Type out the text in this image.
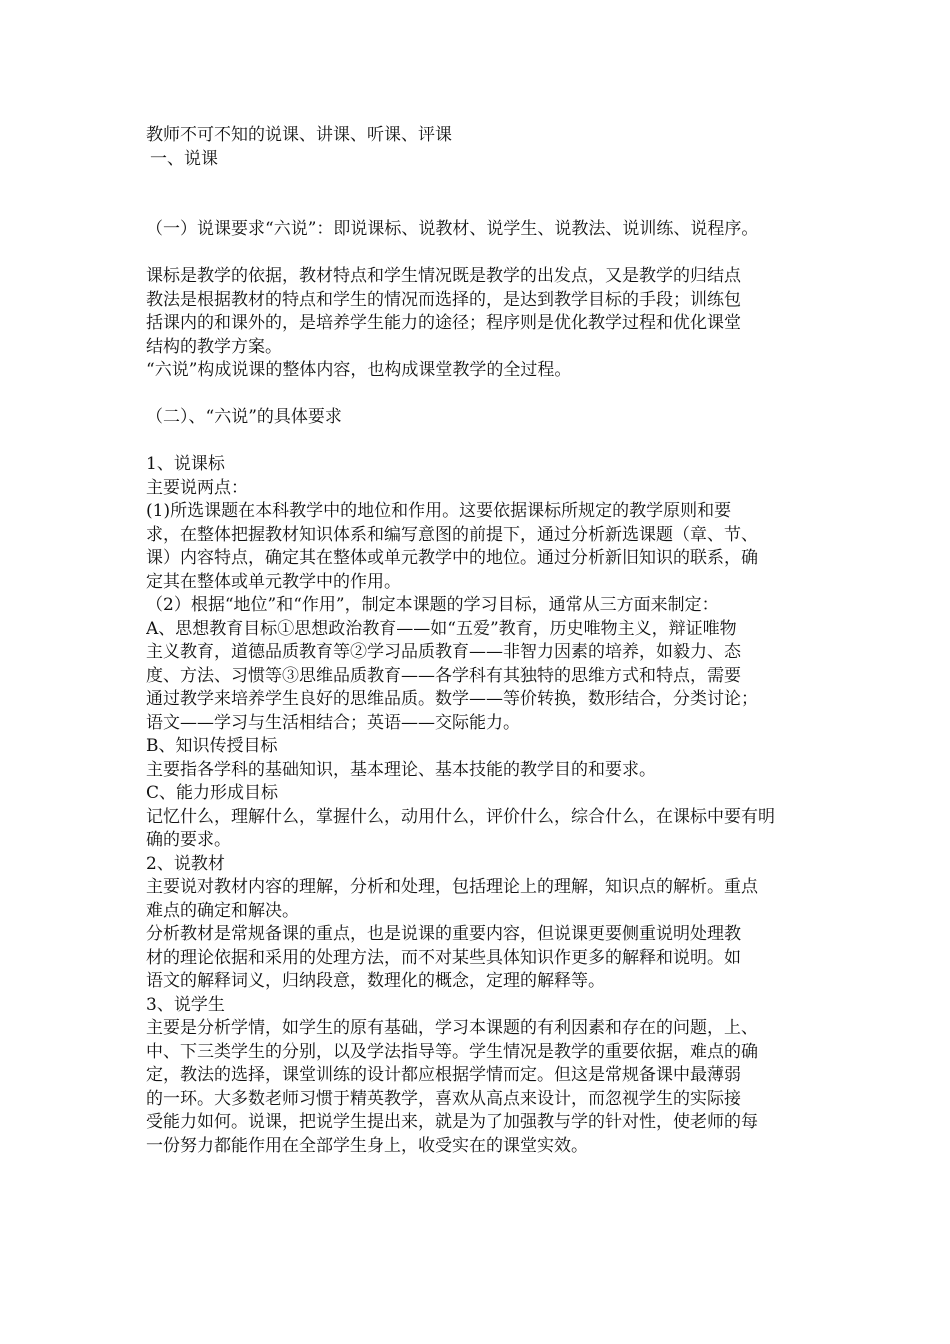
教师不可不知的说课、讲课、听课、评课
一、说课
（一）说课要求“六说”：即说课标、说教材、说学生、说教法、说训练、说程序。
课标是教学的依据，教材特点和学生情况既是教学的出发点，又是教学的归结点
教法是根据教材的特点和学生的情况而选择的，是达到教学目标的手段；训练包
括课内的和课外的，是培养学生能力的途径；程序则是优化教学过程和优化课堂
结构的教学方案。
“六说”构成说课的整体内容，也构成课堂教学的全过程。
（二）、“六说”的具体要求
1、说课标
主要说两点：
(1)所选课题在本科教学中的地位和作用。这要依据课标所规定的教学原则和要
求，在整体把握教材知识体系和编写意图的前提下，通过分析新选课题（章、节、
课）内容特点，确定其在整体或单元教学中的地位。通过分析新旧知识的联系，确
定其在整体或单元教学中的作用。
（2）根据“地位”和“作用”，制定本课题的学习目标，通常从三方面来制定：
A、思想教育目标①思想政治教育——如“五爱”教育，历史唯物主义，辩证唯物
主义教育，道德品质教育等②学习品质教育——非智力因素的培养，如毅力、态
度、方法、习惯等③思维品质教育——各学科有其独特的思维方式和特点，需要
通过教学来培养学生良好的思维品质。数学——等价转换，数形结合，分类讨论；
语文——学习与生活相结合；英语——交际能力。
B、知识传授目标
主要指各学科的基础知识，基本理论、基本技能的教学目的和要求。
C、能力形成目标
记忆什么，理解什么，掌握什么，动用什么，评价什么，综合什么，在课标中要有明
确的要求。
2、说教材
主要说对教材内容的理解，分析和处理，包括理论上的理解，知识点的解析。重点
难点的确定和解决。
分析教材是常规备课的重点，也是说课的重要内容，但说课更要侧重说明处理教
材的理论依据和采用的处理方法，而不对某些具体知识作更多的解释和说明。如
语文的解释词义，归纳段意，数理化的概念，定理的解释等。
3、说学生
主要是分析学情，如学生的原有基础，学习本课题的有利因素和存在的问题，上、
中、下三类学生的分别，以及学法指导等。学生情况是教学的重要依据，难点的确
定，教法的选择，课堂训练的设计都应根据学情而定。但这是常规备课中最薄弱
的一环。大多数老师习惯于精英教学，喜欢从高点来设计，而忽视学生的实际接
受能力如何。说课，把说学生提出来，就是为了加强教与学的针对性，使老师的每
一份努力都能作用在全部学生身上，收受实在的课堂实效。
